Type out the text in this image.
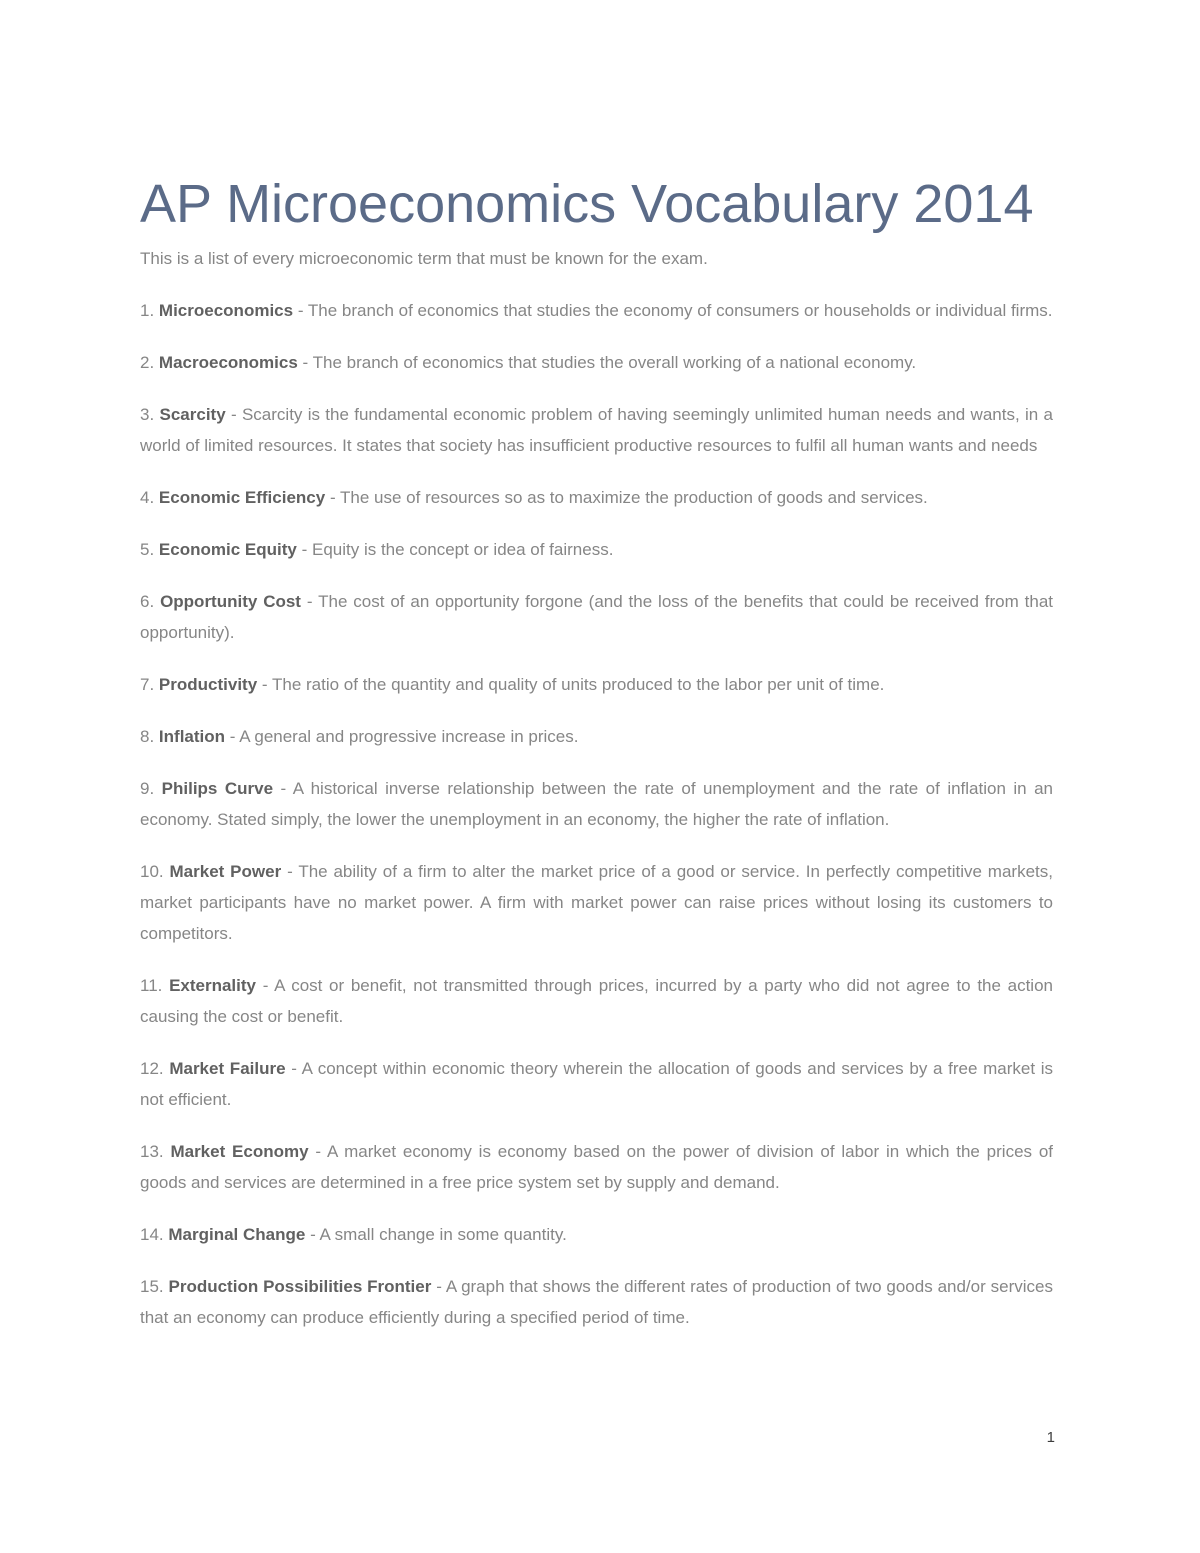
AP Microeconomics Vocabulary 2014

This is a list of every microeconomic term that must be known for the exam.

1. Microeconomics - The branch of economics that studies the economy of consumers or households or individual firms.

2. Macroeconomics - The branch of economics that studies the overall working of a national economy.

3. Scarcity - Scarcity is the fundamental economic problem of having seemingly unlimited human needs and wants, in a world of limited resources. It states that society has insufficient productive resources to fulfil all human wants and needs

4. Economic Efficiency - The use of resources so as to maximize the production of goods and services.

5. Economic Equity - Equity is the concept or idea of fairness.

6. Opportunity Cost - The cost of an opportunity forgone (and the loss of the benefits that could be received from that opportunity).

7. Productivity - The ratio of the quantity and quality of units produced to the labor per unit of time.

8. Inflation - A general and progressive increase in prices.

9. Philips Curve - A historical inverse relationship between the rate of unemployment and the rate of inflation in an economy. Stated simply, the lower the unemployment in an economy, the higher the rate of inflation.

10. Market Power - The ability of a firm to alter the market price of a good or service. In perfectly competitive markets, market participants have no market power. A firm with market power can raise prices without losing its customers to competitors.

11. Externality - A cost or benefit, not transmitted through prices, incurred by a party who did not agree to the action causing the cost or benefit.

12. Market Failure - A concept within economic theory wherein the allocation of goods and services by a free market is not efficient.

13. Market Economy - A market economy is economy based on the power of division of labor in which the prices of goods and services are determined in a free price system set by supply and demand.

14. Marginal Change - A small change in some quantity.

15. Production Possibilities Frontier - A graph that shows the different rates of production of two goods and/or services that an economy can produce efficiently during a specified period of time.

1
